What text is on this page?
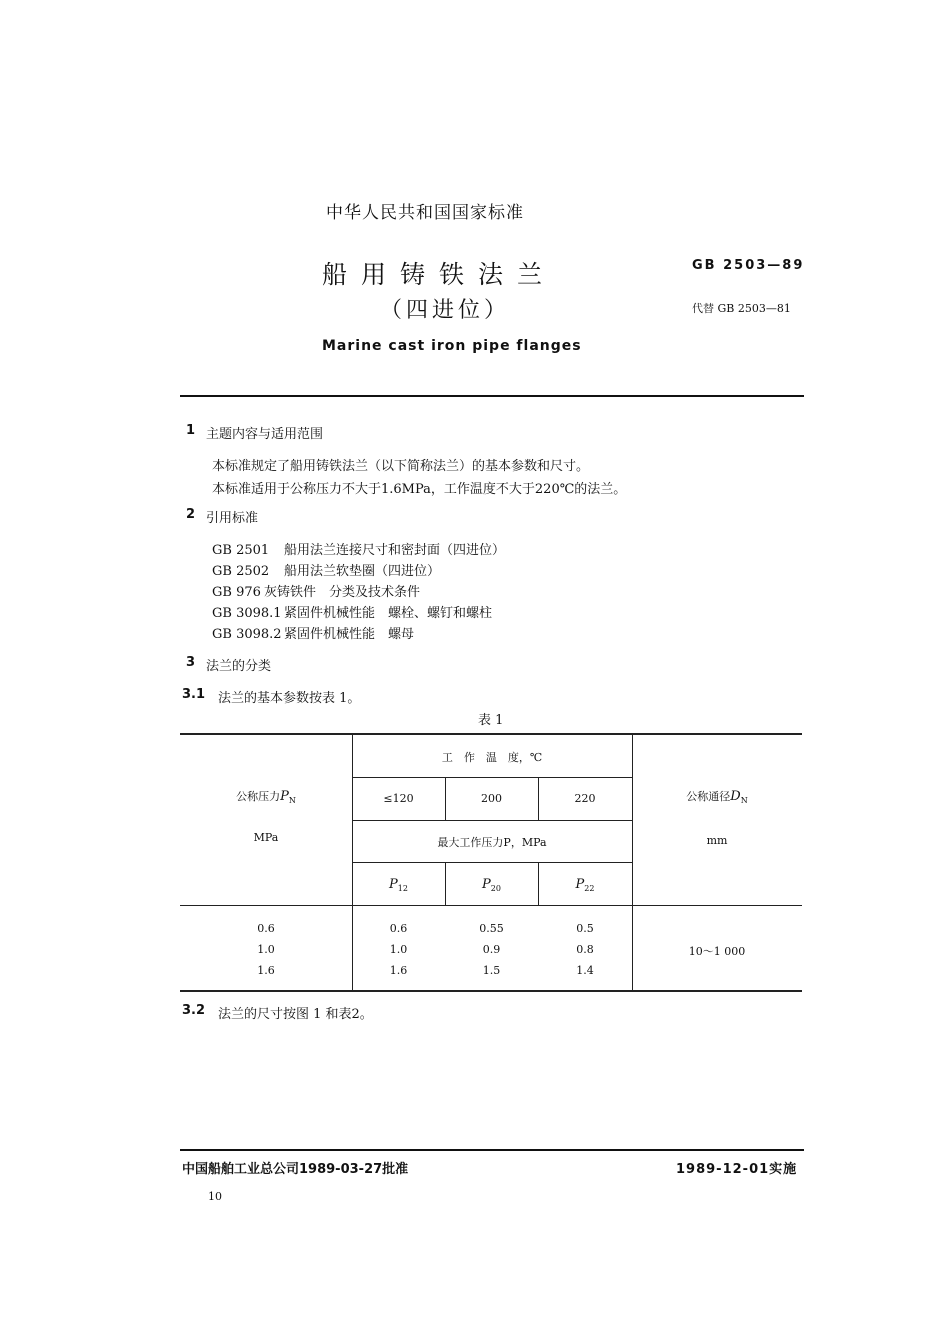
中华人民共和国国家标准
船用铸铁法兰
（四进位）
Marine cast iron pipe flanges
GB 2503—89
代替 GB 2503—81
1 主题内容与适用范围
本标准规定了船用铸铁法兰（以下简称法兰）的基本参数和尺寸。
本标准适用于公称压力不大于1.6MPa，工作温度不大于220℃的法兰。
2 引用标准
GB 2501 船用法兰连接尺寸和密封面（四进位）
GB 2502 船用法兰软垫圈（四进位）
GB 976 灰铸铁件　分类及技术条件
GB 3098.1 紧固件机械性能　螺栓、螺钉和螺柱
GB 3098.2 紧固件机械性能　螺母
3 法兰的分类
3.1 法兰的基本参数按表 1。
表 1
公称压力$P_N$
MPa
工　作　温　度，℃
≤120	200	220
最大工作压力P，MPa
$P_{12}$	$P_{20}$	$P_{22}$
公称通径$D_N$
mm
0.6	0.6	0.55	0.5
1.0	1.0	0.9	0.8
1.6	1.6	1.5	1.4
10～1 000
3.2 法兰的尺寸按图 1 和表2。
中国船舶工业总公司1989-03-27批准	1989-12-01实施
10
